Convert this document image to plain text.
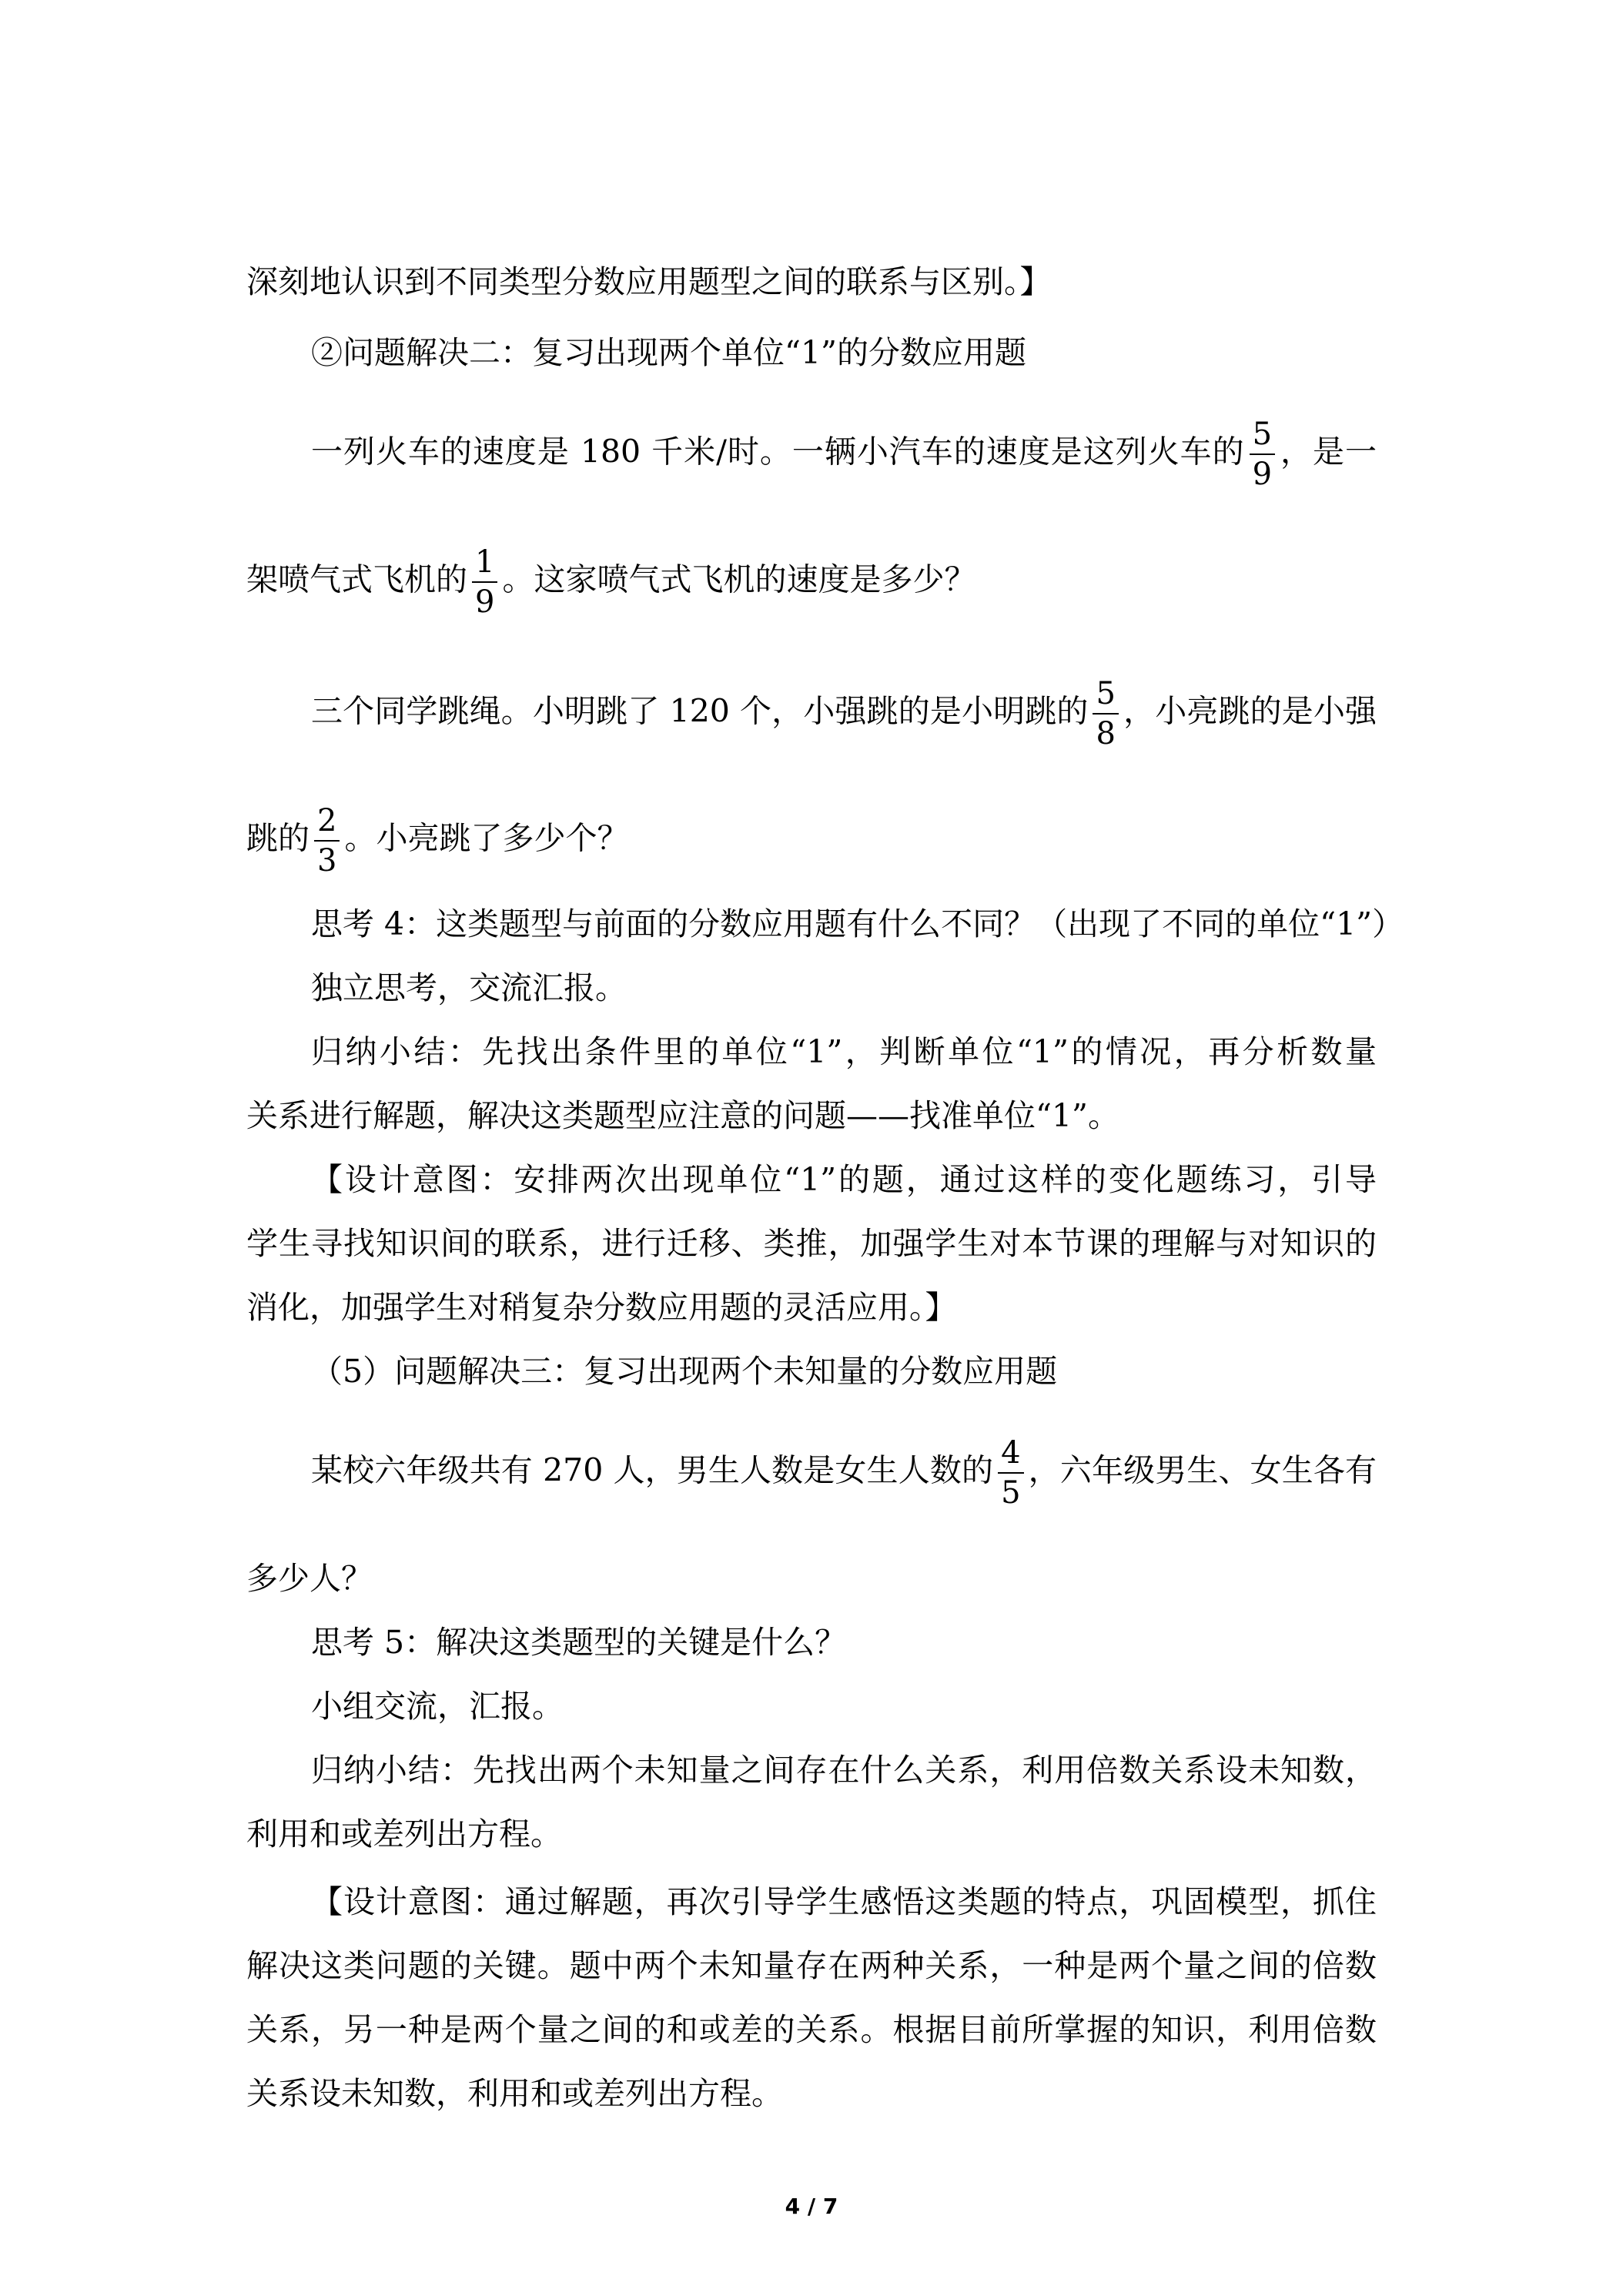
深刻地认识到不同类型分数应用题型之间的联系与区别。】
②问题解决二：复习出现两个单位“1”的分数应用题
一列火车的速度是 180 千米/时。一辆小汽车的速度是这列火车的 $\frac{5}{9}$ ，是一
架喷气式飞机的 $\frac{1}{9}$ 。这家喷气式飞机的速度是多少？
三个同学跳绳。小明跳了 120 个，小强跳的是小明跳的 $\frac{5}{8}$ ，小亮跳的是小强
跳的 $\frac{2}{3}$ 。小亮跳了多少个？
思考 4：这类题型与前面的分数应用题有什么不同？（出现了不同的单位“1”）
独立思考，交流汇报。
归纳小结：先找出条件里的单位“1”，判断单位“1”的情况，再分析数量
关系进行解题，解决这类题型应注意的问题——找准单位“1”。
【设计意图：安排两次出现单位“1”的题，通过这样的变化题练习，引导
学生寻找知识间的联系，进行迁移、类推，加强学生对本节课的理解与对知识的
消化，加强学生对稍复杂分数应用题的灵活应用。】
（5）问题解决三：复习出现两个未知量的分数应用题
某校六年级共有 270 人，男生人数是女生人数的 $\frac{4}{5}$ ，六年级男生、女生各有
多少人？
思考 5：解决这类题型的关键是什么？
小组交流，汇报。
归纳小结：先找出两个未知量之间存在什么关系，利用倍数关系设未知数，
利用和或差列出方程。
【设计意图：通过解题，再次引导学生感悟这类题的特点，巩固模型，抓住
解决这类问题的关键。题中两个未知量存在两种关系，一种是两个量之间的倍数
关系，另一种是两个量之间的和或差的关系。根据目前所掌握的知识，利用倍数
关系设未知数，利用和或差列出方程。
4 / 7
